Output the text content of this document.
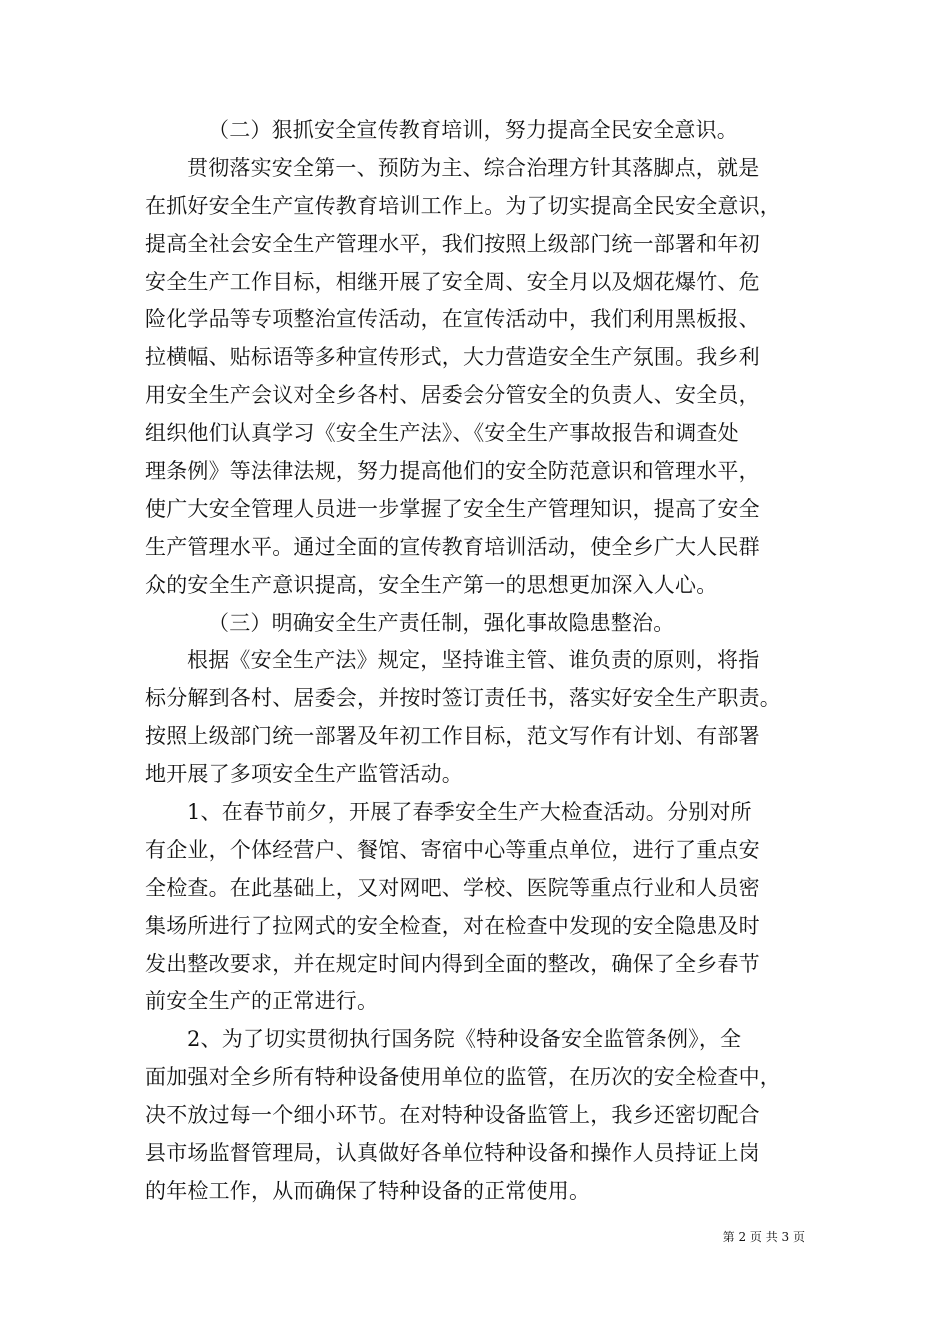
（二）狠抓安全宣传教育培训，努力提高全民安全意识。
贯彻落实安全第一、预防为主、综合治理方针其落脚点，就是
在抓好安全生产宣传教育培训工作上。为了切实提高全民安全意识，
提高全社会安全生产管理水平，我们按照上级部门统一部署和年初
安全生产工作目标，相继开展了安全周、安全月以及烟花爆竹、危
险化学品等专项整治宣传活动，在宣传活动中，我们利用黑板报、
拉横幅、贴标语等多种宣传形式，大力营造安全生产氛围。我乡利
用安全生产会议对全乡各村、居委会分管安全的负责人、安全员，
组织他们认真学习《安全生产法》、《安全生产事故报告和调查处
理条例》等法律法规，努力提高他们的安全防范意识和管理水平，
使广大安全管理人员进一步掌握了安全生产管理知识，提高了安全
生产管理水平。通过全面的宣传教育培训活动，使全乡广大人民群
众的安全生产意识提高，安全生产第一的思想更加深入人心。
（三）明确安全生产责任制，强化事故隐患整治。
根据《安全生产法》规定，坚持谁主管、谁负责的原则，将指
标分解到各村、居委会，并按时签订责任书，落实好安全生产职责。
按照上级部门统一部署及年初工作目标，范文写作有计划、有部署
地开展了多项安全生产监管活动。
1、在春节前夕，开展了春季安全生产大检查活动。分别对所
有企业，个体经营户、餐馆、寄宿中心等重点单位，进行了重点安
全检查。在此基础上，又对网吧、学校、医院等重点行业和人员密
集场所进行了拉网式的安全检查，对在检查中发现的安全隐患及时
发出整改要求，并在规定时间内得到全面的整改，确保了全乡春节
前安全生产的正常进行。
2、为了切实贯彻执行国务院《特种设备安全监管条例》，全
面加强对全乡所有特种设备使用单位的监管，在历次的安全检查中，
决不放过每一个细小环节。在对特种设备监管上，我乡还密切配合
县市场监督管理局，认真做好各单位特种设备和操作人员持证上岗
的年检工作，从而确保了特种设备的正常使用。
第 2 页 共 3 页
